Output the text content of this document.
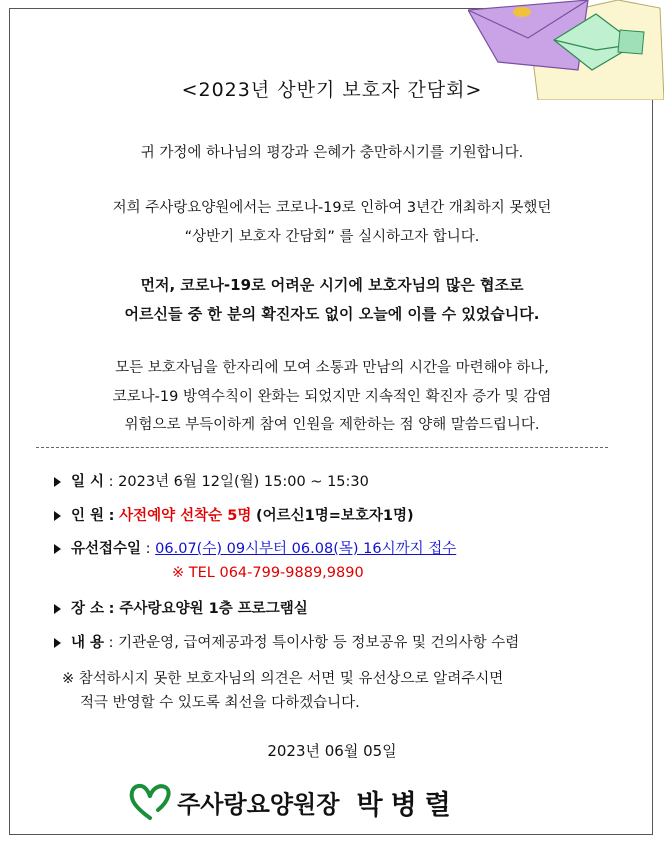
<2023년 상반기 보호자 간담회>
귀 가정에 하나님의 평강과 은혜가 충만하시기를 기원합니다.
저희 주사랑요양원에서는 코로나-19로 인하여 3년간 개최하지 못했던
“상반기 보호자 간담회” 를 실시하고자 합니다.
먼저, 코로나-19로 어려운 시기에 보호자님의 많은 협조로
어르신들 중 한 분의 확진자도 없이 오늘에 이를 수 있었습니다.
모든 보호자님을 한자리에 모여 소통과 만남의 시간을 마련해야 하나,
코로나-19 방역수칙이 완화는 되었지만 지속적인 확진자 증가 및 감염
위험으로 부득이하게 참여 인원을 제한하는 점 양해 말씀드립니다.
일 시 : 2023년 6월 12일(월) 15:00 ~ 15:30
인 원 : 사전예약 선착순 5명 (어르신1명=보호자1명)
유선접수일 : 06.07(수) 09시부터 06.08(목) 16시까지 접수
※ TEL 064-799-9889,9890
장 소 : 주사랑요양원 1층 프로그램실
내 용 : 기관운영, 급여제공과정 특이사항 등 정보공유 및 건의사항 수렴
※ 참석하시지 못한 보호자님의 의견은 서면 및 유선상으로 알려주시면
적극 반영할 수 있도록 최선을 다하겠습니다.
2023년 06월 05일
주사랑요양원장 박병렬
